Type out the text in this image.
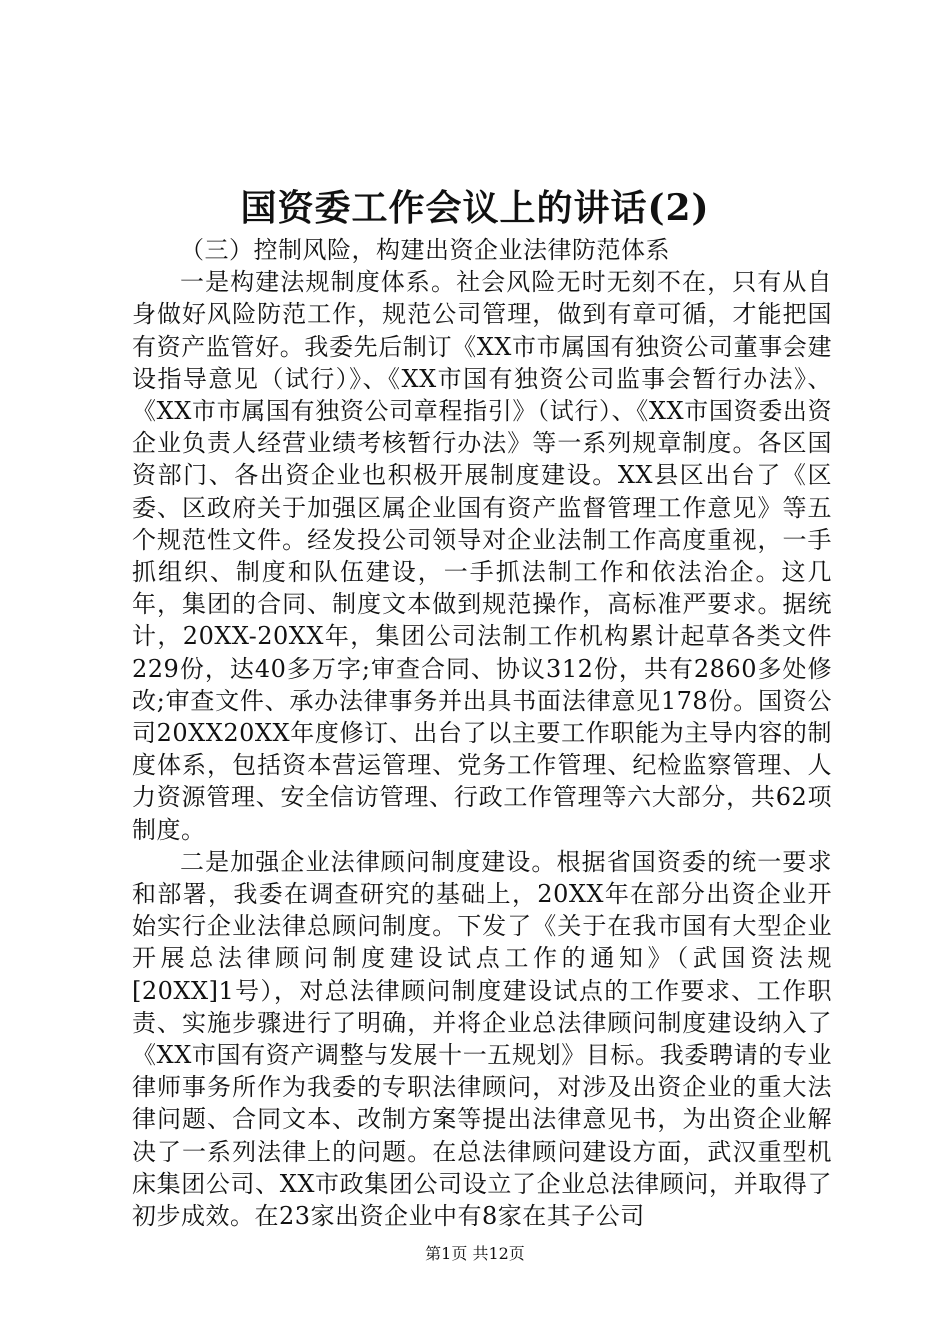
国资委工作会议上的讲话(2)

（三）控制风险，构建出资企业法律防范体系

一是构建法规制度体系。社会风险无时无刻不在，只有从自身做好风险防范工作，规范公司管理，做到有章可循，才能把国有资产监管好。我委先后制订《XX市市属国有独资公司董事会建设指导意见（试行）》、《XX市国有独资公司监事会暂行办法》、《XX市市属国有独资公司章程指引》（试行）、《XX市国资委出资企业负责人经营业绩考核暂行办法》等一系列规章制度。各区国资部门、各出资企业也积极开展制度建设。XX县区出台了《区委、区政府关于加强区属企业国有资产监督管理工作意见》等五个规范性文件。经发投公司领导对企业法制工作高度重视，一手抓组织、制度和队伍建设，一手抓法制工作和依法治企。这几年，集团的合同、制度文本做到规范操作，高标准严要求。据统计，20XX-20XX年，集团公司法制工作机构累计起草各类文件229份，达40多万字;审查合同、协议312份，共有2860多处修改;审查文件、承办法律事务并出具书面法律意见178份。国资公司20XX20XX年度修订、出台了以主要工作职能为主导内容的制度体系，包括资本营运管理、党务工作管理、纪检监察管理、人力资源管理、安全信访管理、行政工作管理等六大部分，共62项制度。

二是加强企业法律顾问制度建设。根据省国资委的统一要求和部署，我委在调查研究的基础上，20XX年在部分出资企业开始实行企业法律总顾问制度。下发了《关于在我市国有大型企业开展总法律顾问制度建设试点工作的通知》（武国资法规[20XX]1号），对总法律顾问制度建设试点的工作要求、工作职责、实施步骤进行了明确，并将企业总法律顾问制度建设纳入了《XX市国有资产调整与发展十一五规划》目标。我委聘请的专业律师事务所作为我委的专职法律顾问，对涉及出资企业的重大法律问题、合同文本、改制方案等提出法律意见书，为出资企业解决了一系列法律上的问题。在总法律顾问建设方面，武汉重型机床集团公司、XX市政集团公司设立了企业总法律顾问，并取得了初步成效。在23家出资企业中有8家在其子公司

第1页 共12页
